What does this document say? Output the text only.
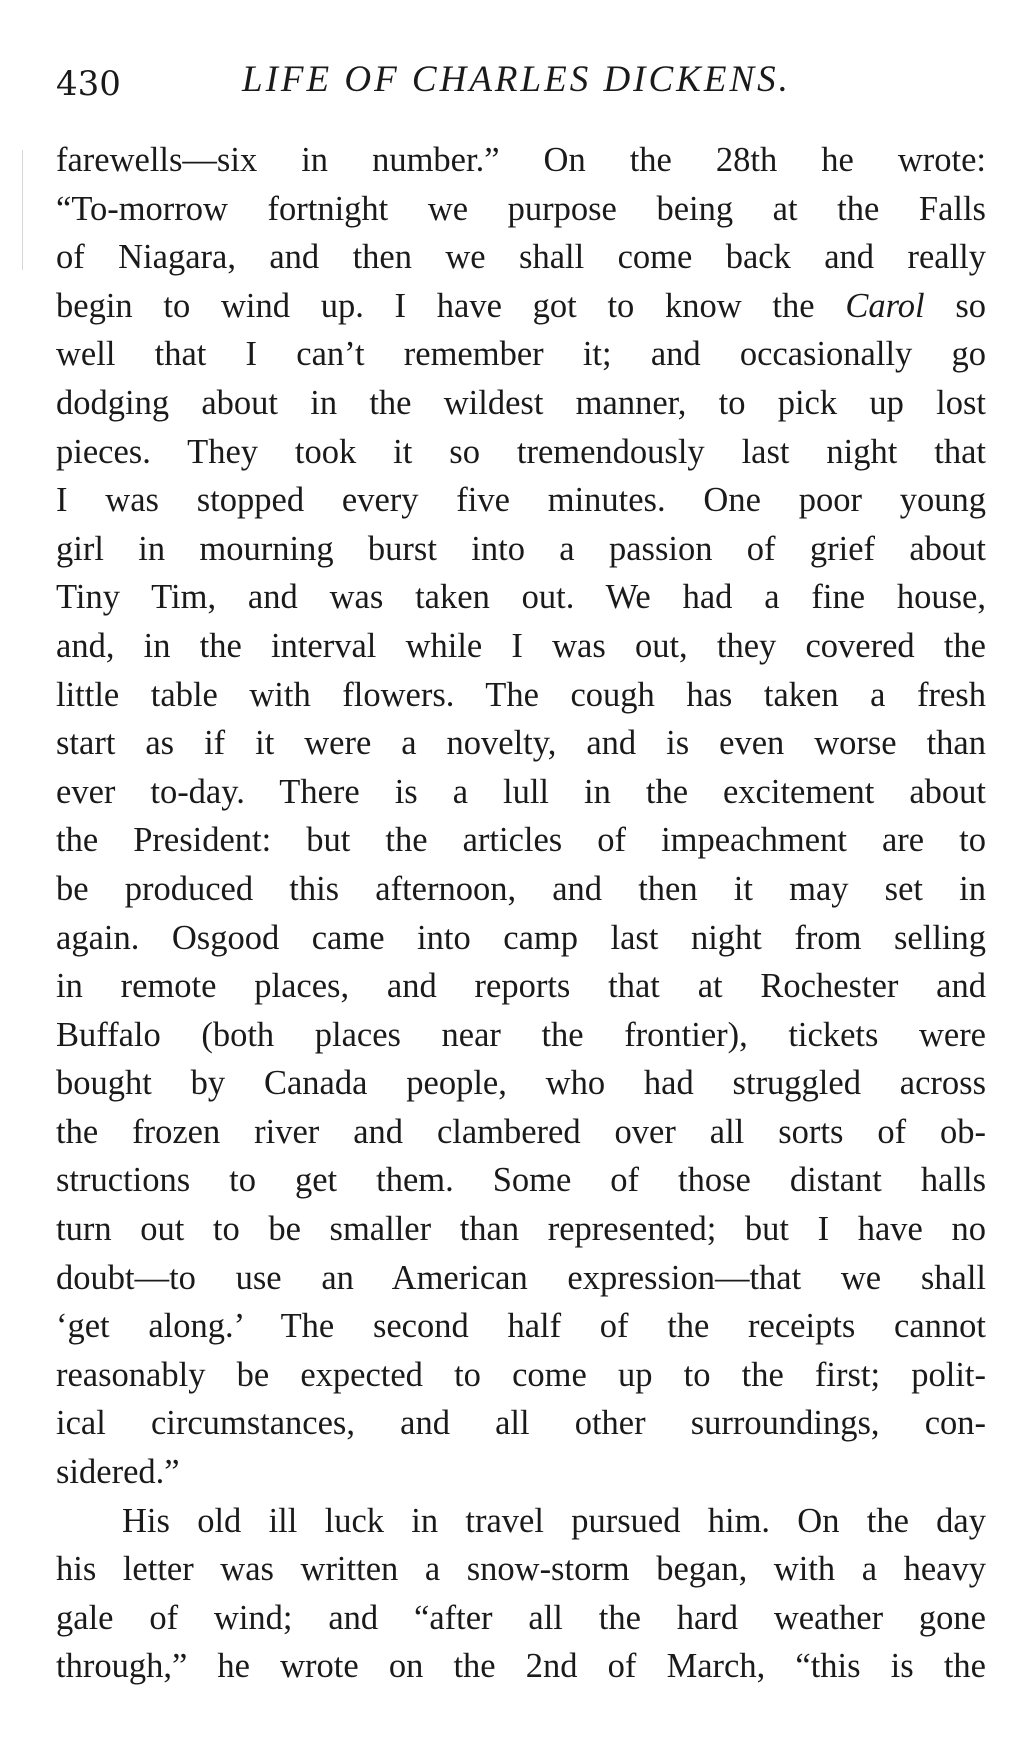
430	LIFE OF CHARLES DICKENS.
farewells—six in number.” On the 28th he wrote:
“To-morrow fortnight we purpose being at the Falls
of Niagara, and then we shall come back and really
begin to wind up. I have got to know the Carol so
well that I can’t remember it; and occasionally go
dodging about in the wildest manner, to pick up lost
pieces. They took it so tremendously last night that
I was stopped every five minutes. One poor young
girl in mourning burst into a passion of grief about
Tiny Tim, and was taken out. We had a fine house,
and, in the interval while I was out, they covered the
little table with flowers. The cough has taken a fresh
start as if it were a novelty, and is even worse than
ever to-day. There is a lull in the excitement about
the President: but the articles of impeachment are to
be produced this afternoon, and then it may set in
again. Osgood came into camp last night from selling
in remote places, and reports that at Rochester and
Buffalo (both places near the frontier), tickets were
bought by Canada people, who had struggled across
the frozen river and clambered over all sorts of ob-
structions to get them. Some of those distant halls
turn out to be smaller than represented; but I have no
doubt—to use an American expression—that we shall
‘get along.’ The second half of the receipts cannot
reasonably be expected to come up to the first; polit-
ical circumstances, and all other surroundings, con-
sidered.”
His old ill luck in travel pursued him. On the day
his letter was written a snow-storm began, with a heavy
gale of wind; and “after all the hard weather gone
through,” he wrote on the 2nd of March, “this is the
